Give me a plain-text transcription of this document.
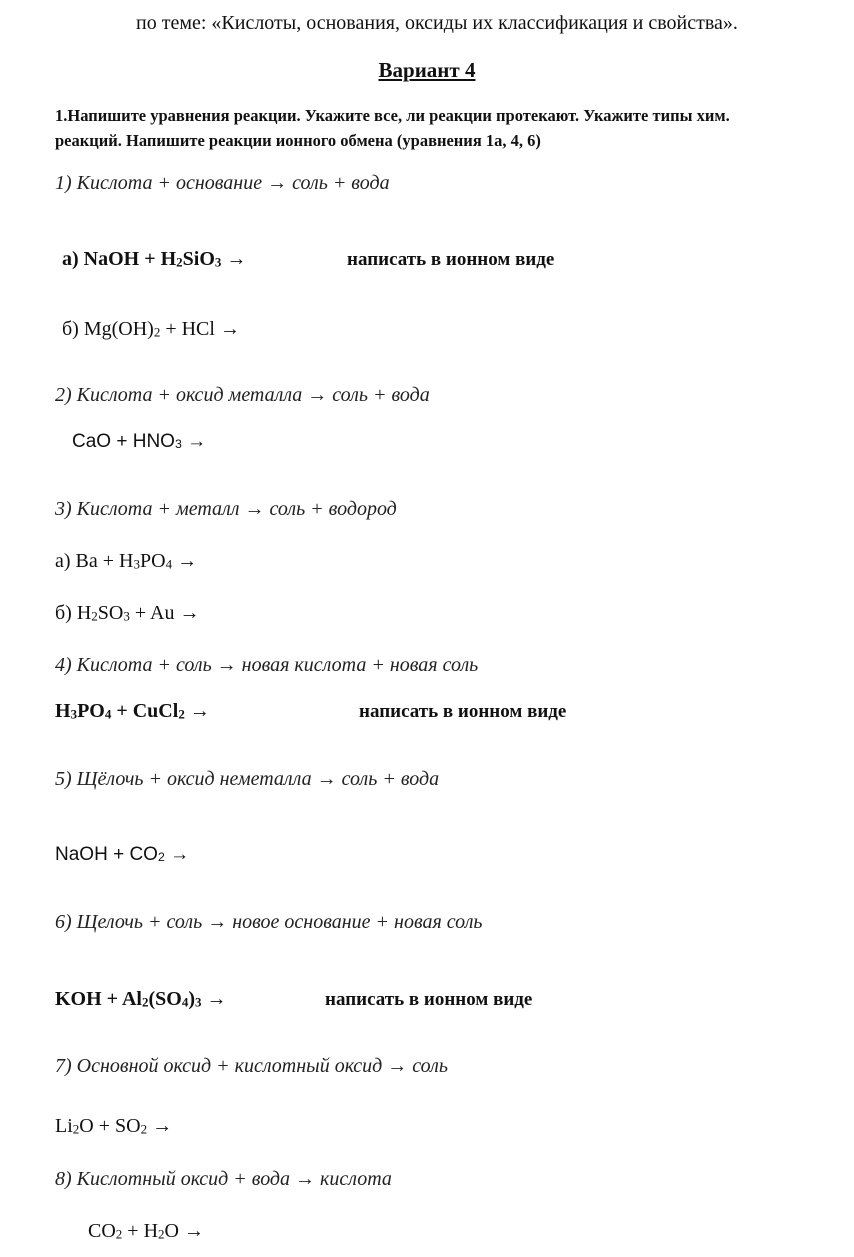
по теме: «Кислоты, основания, оксиды их классификация и свойства».
Вариант 4
1.Напишите уравнения реакции. Укажите все, ли реакции протекают. Укажите типы хим.
реакций. Напишите реакции ионного обмена (уравнения 1а, 4, 6)
1) Кислота + основание → соль + вода
а) NaOH + $H_2SiO_3$ →	написать в ионном виде
б) $Mg(OH)_2$ + HCl →
2) Кислота + оксид металла → соль + вода
CaO + $HNO_3$ →
3) Кислота + металл → соль + водород
а) $Ba + H_3PO_4$ →
б) $H_2SO_3 + Au$ →
4) Кислота + соль → новая кислота + новая соль
$H_3PO_4$ + CuCl$_2$ →	написать в ионном виде
5) Щёлочь + оксид неметалла → соль + вода
NaOH + $CO_2$ →
6) Щелочь + соль → новое основание + новая соль
KOH + $Al_2(SO_4)_3$ →	написать в ионном виде
7) Основной оксид + кислотный оксид → соль
$Li_2O + SO_2$ →
8) Кислотный оксид + вода → кислота
$CO_2 + H_2O$ →
